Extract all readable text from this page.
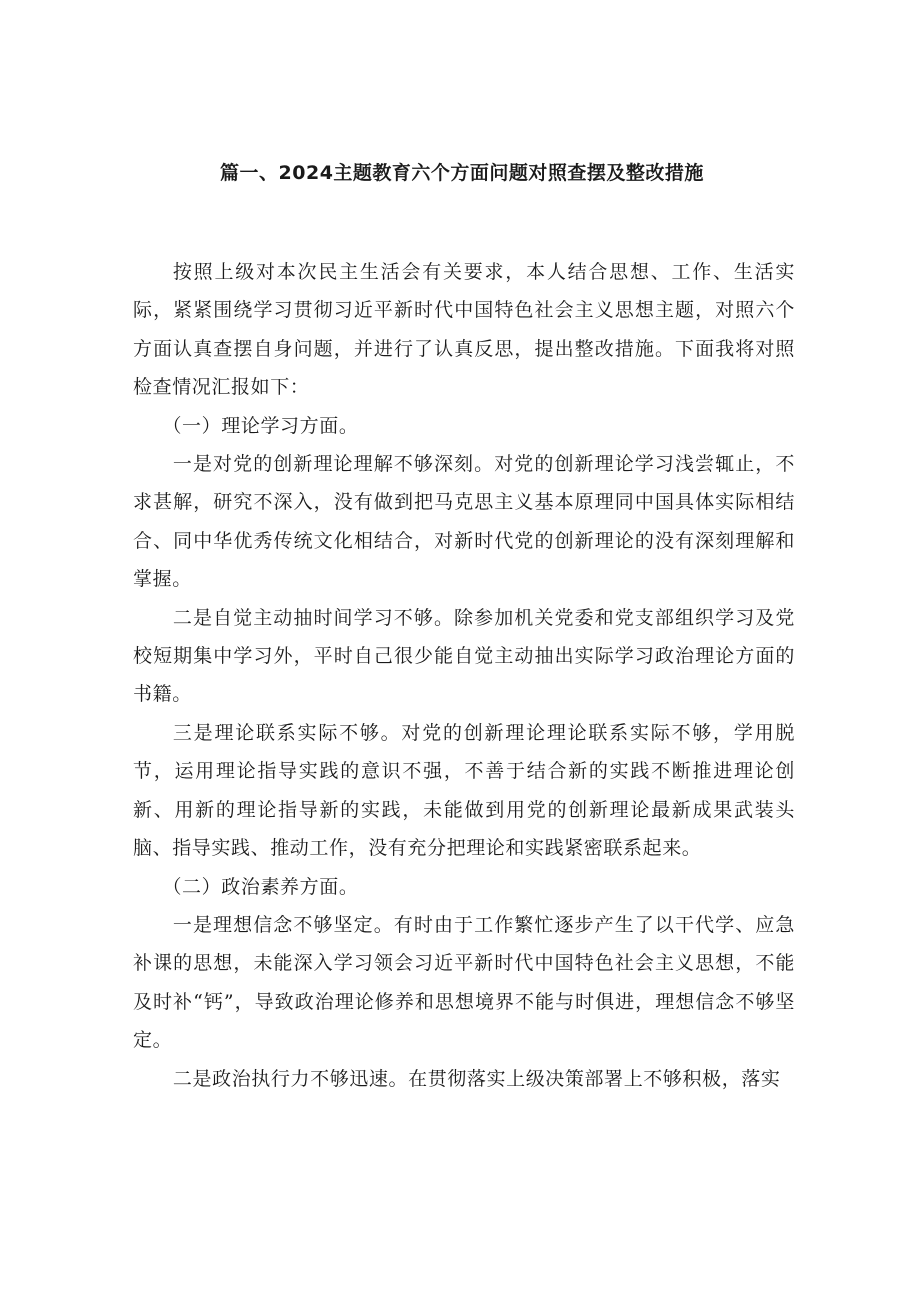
篇一、2024主题教育六个方面问题对照查摆及整改措施

按照上级对本次民主生活会有关要求，本人结合思想、工作、生活实际，紧紧围绕学习贯彻习近平新时代中国特色社会主义思想主题，对照六个方面认真查摆自身问题，并进行了认真反思，提出整改措施。下面我将对照检查情况汇报如下：

（一）理论学习方面。

一是对党的创新理论理解不够深刻。对党的创新理论学习浅尝辄止，不求甚解，研究不深入，没有做到把马克思主义基本原理同中国具体实际相结合、同中华优秀传统文化相结合，对新时代党的创新理论的没有深刻理解和掌握。

二是自觉主动抽时间学习不够。除参加机关党委和党支部组织学习及党校短期集中学习外，平时自己很少能自觉主动抽出实际学习政治理论方面的书籍。

三是理论联系实际不够。对党的创新理论理论联系实际不够，学用脱节，运用理论指导实践的意识不强，不善于结合新的实践不断推进理论创新、用新的理论指导新的实践，未能做到用党的创新理论最新成果武装头脑、指导实践、推动工作，没有充分把理论和实践紧密联系起来。

（二）政治素养方面。

一是理想信念不够坚定。有时由于工作繁忙逐步产生了以干代学、应急补课的思想，未能深入学习领会习近平新时代中国特色社会主义思想，不能及时补“钙”，导致政治理论修养和思想境界不能与时俱进，理想信念不够坚定。

二是政治执行力不够迅速。在贯彻落实上级决策部署上不够积极，落实
